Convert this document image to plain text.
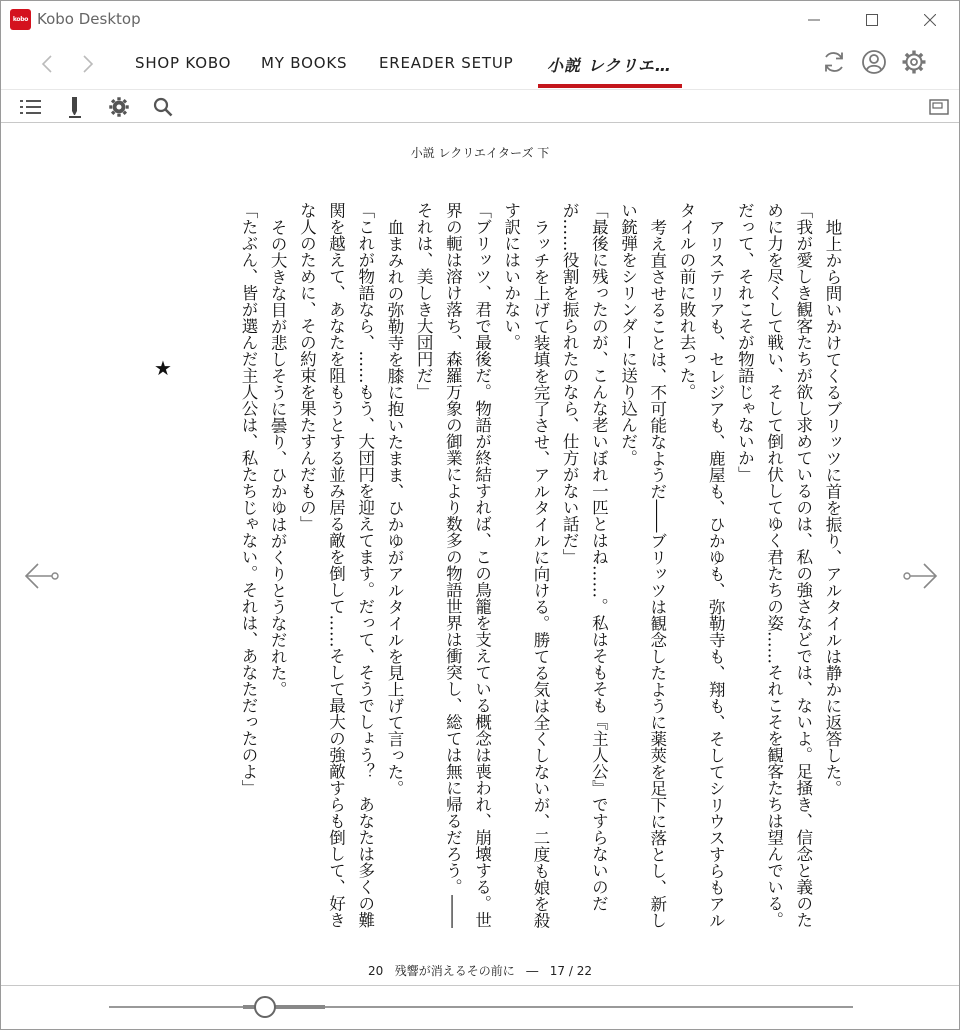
kobo Kobo Desktop
SHOP KOBO MY BOOKS EREADER SETUP 小説 レクリエ…
小説 レクリエイターズ 下

地上から問いかけてくるブリッツに首を振り、アルタイルは静かに返答した。

「我が愛しき観客たちが欲し求めているのは、私の強さなどでは、ないよ。足掻き、信念と義のために力を尽くして戦い、そして倒れ伏してゆく君たちの姿……それこそを観客たちは望んでいる。だって、それこそが物語じゃないか」

アリステリアも、セレジアも、鹿屋も、ひかゆも、弥勒寺も、翔も、そしてシリウスすらもアルタイルの前に敗れ去った。

考え直させることは、不可能なようだ――ブリッツは観念したように薬莢を足下に落とし、新しい銃弾をシリンダーに送り込んだ。

「最後に残ったのが、こんな老いぼれ一匹とはね……。私はそもそも『主人公』ですらないのだが……役割を振られたのなら、仕方がない話だ」

ラッチを上げて装填を完了させ、アルタイルに向ける。勝てる気は全くしないが、二度も娘を殺す訳にはいかない。

「ブリッツ、君で最後だ。物語が終結すれば、この鳥籠を支えている概念は喪われ、崩壊する。世界の軛は溶け落ち、森羅万象の御業により数多の物語世界は衝突し、総ては無に帰るだろう。――それは、美しき大団円だ」

血まみれの弥勒寺を膝に抱いたまま、ひかゆがアルタイルを見上げて言った。

「これが物語なら、……もう、大団円を迎えてます。だって、そうでしょう？　あなたは多くの難関を越えて、あなたを阻もうとする並み居る敵を倒して……そして最大の強敵すらも倒して、好きな人のために、その約束を果たすんだもの」

その大きな目が悲しそうに曇り、ひかゆはがくりとうなだれた。

「たぶん、皆が選んだ主人公は、私たちじゃない。それは、あなただったのよ」

★
20 残響が消えるその前に ― 17 / 22
